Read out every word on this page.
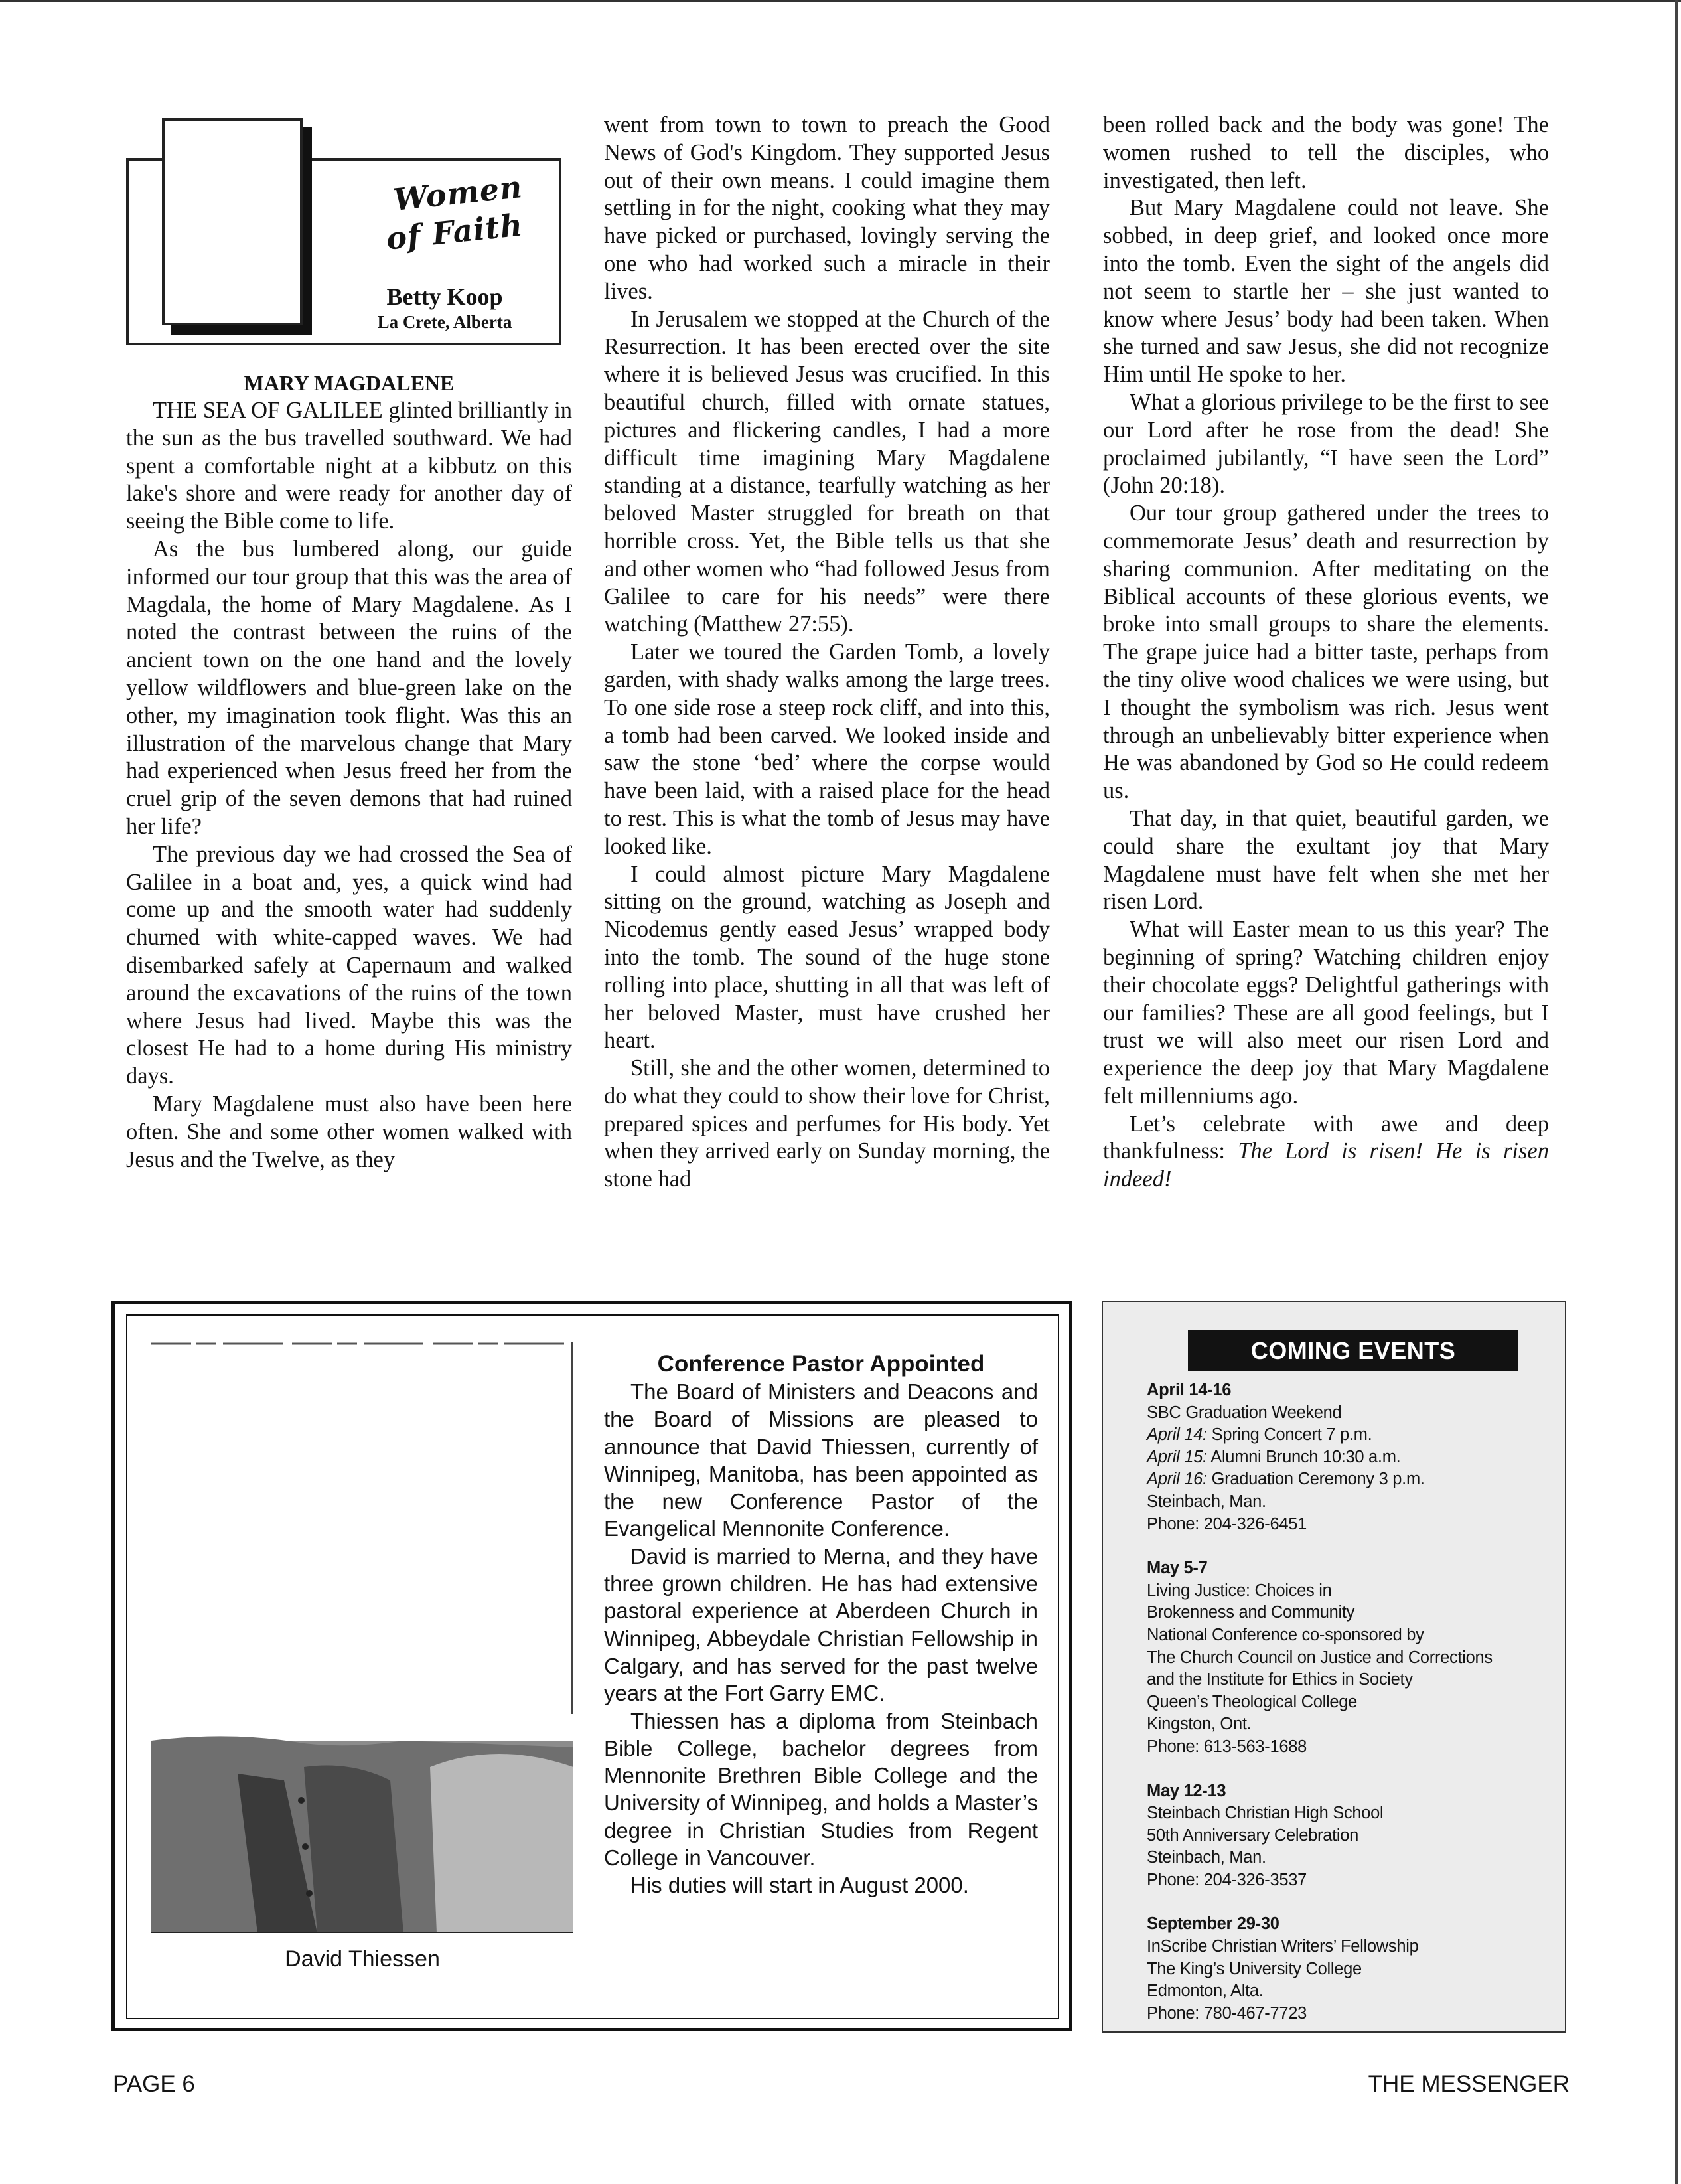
Women
of Faith
Betty Koop
La Crete, Alberta

MARY MAGDALENE

THE SEA OF GALILEE glinted brilliantly in the sun as the bus travelled southward. We had spent a comfortable night at a kibbutz on this lake's shore and were ready for another day of seeing the Bible come to life.

As the bus lumbered along, our guide informed our tour group that this was the area of Magdala, the home of Mary Magdalene. As I noted the contrast between the ruins of the ancient town on the one hand and the lovely yellow wildflowers and blue-green lake on the other, my imagination took flight. Was this an illustration of the marvelous change that Mary had experienced when Jesus freed her from the cruel grip of the seven demons that had ruined her life?

The previous day we had crossed the Sea of Galilee in a boat and, yes, a quick wind had come up and the smooth water had suddenly churned with white-capped waves. We had disembarked safely at Capernaum and walked around the excavations of the ruins of the town where Jesus had lived. Maybe this was the closest He had to a home during His ministry days.

Mary Magdalene must also have been here often. She and some other women walked with Jesus and the Twelve, as they

went from town to town to preach the Good News of God's Kingdom. They supported Jesus out of their own means. I could imagine them settling in for the night, cooking what they may have picked or purchased, lovingly serving the one who had worked such a miracle in their lives.

In Jerusalem we stopped at the Church of the Resurrection. It has been erected over the site where it is believed Jesus was crucified. In this beautiful church, filled with ornate statues, pictures and flickering candles, I had a more difficult time imagining Mary Magdalene standing at a distance, tearfully watching as her beloved Master struggled for breath on that horrible cross. Yet, the Bible tells us that she and other women who “had followed Jesus from Galilee to care for his needs” were there watching (Matthew 27:55).

Later we toured the Garden Tomb, a lovely garden, with shady walks among the large trees. To one side rose a steep rock cliff, and into this, a tomb had been carved. We looked inside and saw the stone ‘bed’ where the corpse would have been laid, with a raised place for the head to rest. This is what the tomb of Jesus may have looked like.

I could almost picture Mary Magdalene sitting on the ground, watching as Joseph and Nicodemus gently eased Jesus’ wrapped body into the tomb. The sound of the huge stone rolling into place, shutting in all that was left of her beloved Master, must have crushed her heart.

Still, she and the other women, determined to do what they could to show their love for Christ, prepared spices and perfumes for His body. Yet when they arrived early on Sunday morning, the stone had

been rolled back and the body was gone! The women rushed to tell the disciples, who investigated, then left.

But Mary Magdalene could not leave. She sobbed, in deep grief, and looked once more into the tomb. Even the sight of the angels did not seem to startle her – she just wanted to know where Jesus’ body had been taken. When she turned and saw Jesus, she did not recognize Him until He spoke to her.

What a glorious privilege to be the first to see our Lord after he rose from the dead! She proclaimed jubilantly, “I have seen the Lord” (John 20:18).

Our tour group gathered under the trees to commemorate Jesus’ death and resurrection by sharing communion. After meditating on the Biblical accounts of these glorious events, we broke into small groups to share the elements. The grape juice had a bitter taste, perhaps from the tiny olive wood chalices we were using, but I thought the symbolism was rich. Jesus went through an unbelievably bitter experience when He was abandoned by God so He could redeem us.

That day, in that quiet, beautiful garden, we could share the exultant joy that Mary Magdalene must have felt when she met her risen Lord.

What will Easter mean to us this year? The beginning of spring? Watching children enjoy their chocolate eggs? Delightful gatherings with our families? These are all good feelings, but I trust we will also meet our risen Lord and experience the deep joy that Mary Magdalene felt millenniums ago.

Let’s celebrate with awe and deep thankfulness: The Lord is risen! He is risen indeed!

David Thiessen

Conference Pastor Appointed

The Board of Ministers and Deacons and the Board of Missions are pleased to announce that David Thiessen, currently of Winnipeg, Manitoba, has been appointed as the new Conference Pastor of the Evangelical Mennonite Conference.

David is married to Merna, and they have three grown children. He has had extensive pastoral experience at Aberdeen Church in Winnipeg, Abbeydale Christian Fellowship in Calgary, and has served for the past twelve years at the Fort Garry EMC.

Thiessen has a diploma from Steinbach Bible College, bachelor degrees from Mennonite Brethren Bible College and the University of Winnipeg, and holds a Master’s degree in Christian Studies from Regent College in Vancouver.

His duties will start in August 2000.

COMING EVENTS
April 14-16
SBC Graduation Weekend
April 14: Spring Concert 7 p.m.
April 15: Alumni Brunch 10:30 a.m.
April 16: Graduation Ceremony 3 p.m.
Steinbach, Man.
Phone: 204-326-6451
May 5-7
Living Justice: Choices in
Brokenness and Community
National Conference co-sponsored by
The Church Council on Justice and Corrections
and the Institute for Ethics in Society
Queen’s Theological College
Kingston, Ont.
Phone: 613-563-1688
May 12-13
Steinbach Christian High School
50th Anniversary Celebration
Steinbach, Man.
Phone: 204-326-3537
September 29-30
InScribe Christian Writers’ Fellowship
The King’s University College
Edmonton, Alta.
Phone: 780-467-7723
PAGE 6	THE MESSENGER
